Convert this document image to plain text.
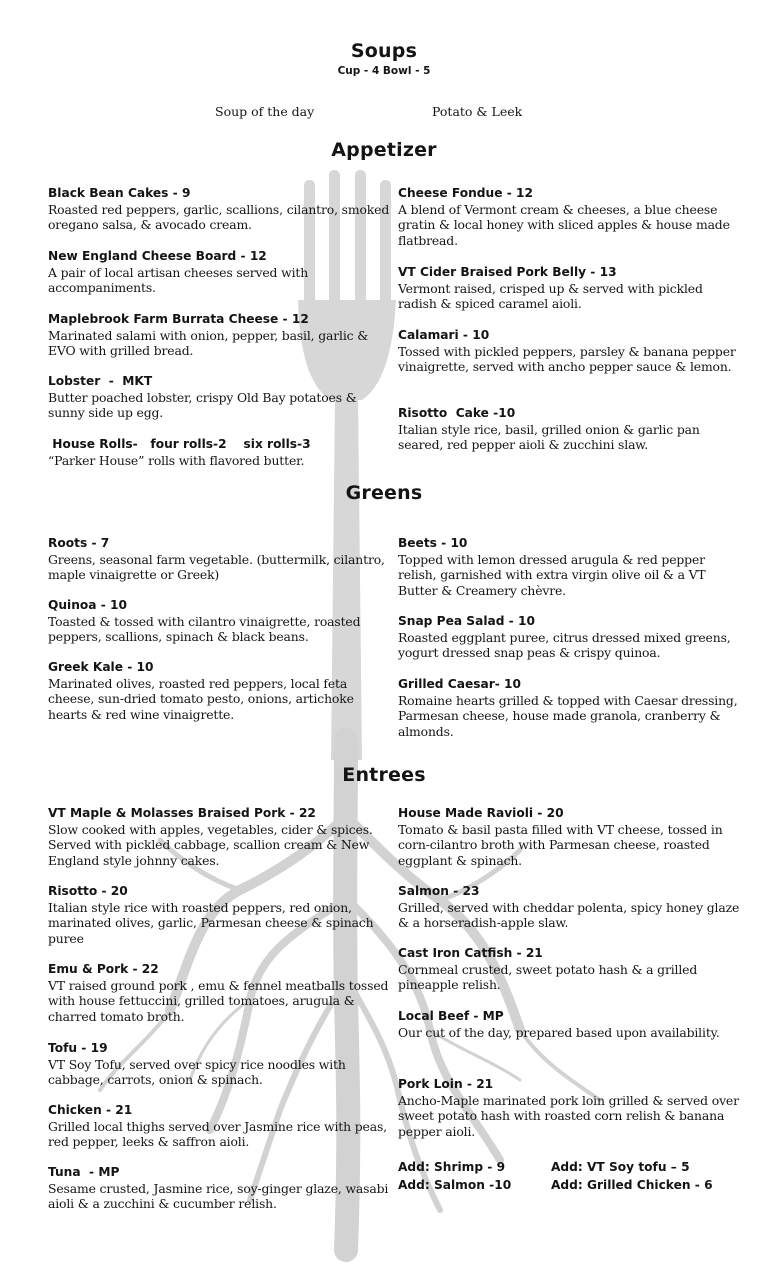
Soups
Cup - 4 Bowl - 5
Soup of the day	Potato & Leek
Appetizer
Black Bean Cakes - 9
Roasted red peppers, garlic, scallions, cilantro, smoked oregano salsa, & avocado cream.
New England Cheese Board - 12
A pair of local artisan cheeses served with accompaniments.
Maplebrook Farm Burrata Cheese - 12
Marinated salami with onion, pepper, basil, garlic & EVO with grilled bread.
Lobster  -  MKT
Butter poached lobster, crispy Old Bay potatoes & sunny side up egg.
House Rolls-   four rolls-2    six rolls-3
“Parker House” rolls with flavored butter.
Cheese Fondue - 12
A blend of Vermont cream & cheeses, a blue cheese gratin & local honey with sliced apples & house made flatbread.
VT Cider Braised Pork Belly - 13
Vermont raised, crisped up & served with pickled radish & spiced caramel aioli.
Calamari - 10
Tossed with pickled peppers, parsley & banana pepper vinaigrette, served with ancho pepper sauce & lemon.
Risotto  Cake -10
Italian style rice, basil, grilled onion & garlic pan seared, red pepper aioli & zucchini slaw.
Greens
Roots - 7
Greens, seasonal farm vegetable. (buttermilk, cilantro, maple vinaigrette or Greek)
Quinoa - 10
Toasted & tossed with cilantro vinaigrette, roasted peppers, scallions, spinach & black beans.
Greek Kale - 10
Marinated olives, roasted red peppers, local feta cheese, sun-dried tomato pesto, onions, artichoke hearts & red wine vinaigrette.
Beets - 10
Topped with lemon dressed arugula & red pepper relish, garnished with extra virgin olive oil & a VT Butter & Creamery chèvre.
Snap Pea Salad - 10
Roasted eggplant puree, citrus dressed mixed greens, yogurt dressed snap peas & crispy quinoa.
Grilled Caesar- 10
Romaine hearts grilled & topped with Caesar dressing, Parmesan cheese, house made granola, cranberry & almonds.
Entrees
VT Maple & Molasses Braised Pork - 22
Slow cooked with apples, vegetables, cider & spices. Served with pickled cabbage, scallion cream & New England style johnny cakes.
Risotto - 20
Italian style rice with roasted peppers, red onion, marinated olives, garlic, Parmesan cheese & spinach puree
Emu & Pork - 22
VT raised ground pork , emu & fennel meatballs tossed with house fettuccini, grilled tomatoes, arugula & charred tomato broth.
Tofu - 19
VT Soy Tofu, served over spicy rice noodles with cabbage, carrots, onion & spinach.
Chicken - 21
Grilled local thighs served over Jasmine rice with peas, red pepper, leeks & saffron aioli.
Tuna  - MP
Sesame crusted, Jasmine rice, soy-ginger glaze, wasabi aioli & a zucchini & cucumber relish.
House Made Ravioli - 20
Tomato & basil pasta filled with VT cheese, tossed in corn-cilantro broth with Parmesan cheese, roasted eggplant & spinach.
Salmon - 23
Grilled, served with cheddar polenta, spicy honey glaze & a horseradish-apple slaw.
Cast Iron Catfish - 21
Cornmeal crusted, sweet potato hash & a grilled pineapple relish.
Local Beef - MP
Our cut of the day, prepared based upon availability.
Pork Loin - 21
Ancho-Maple marinated pork loin grilled & served over sweet potato hash with roasted corn relish & banana pepper aioli.
Add: Shrimp - 9	Add: VT Soy tofu – 5
Add: Salmon -10	Add: Grilled Chicken - 6
